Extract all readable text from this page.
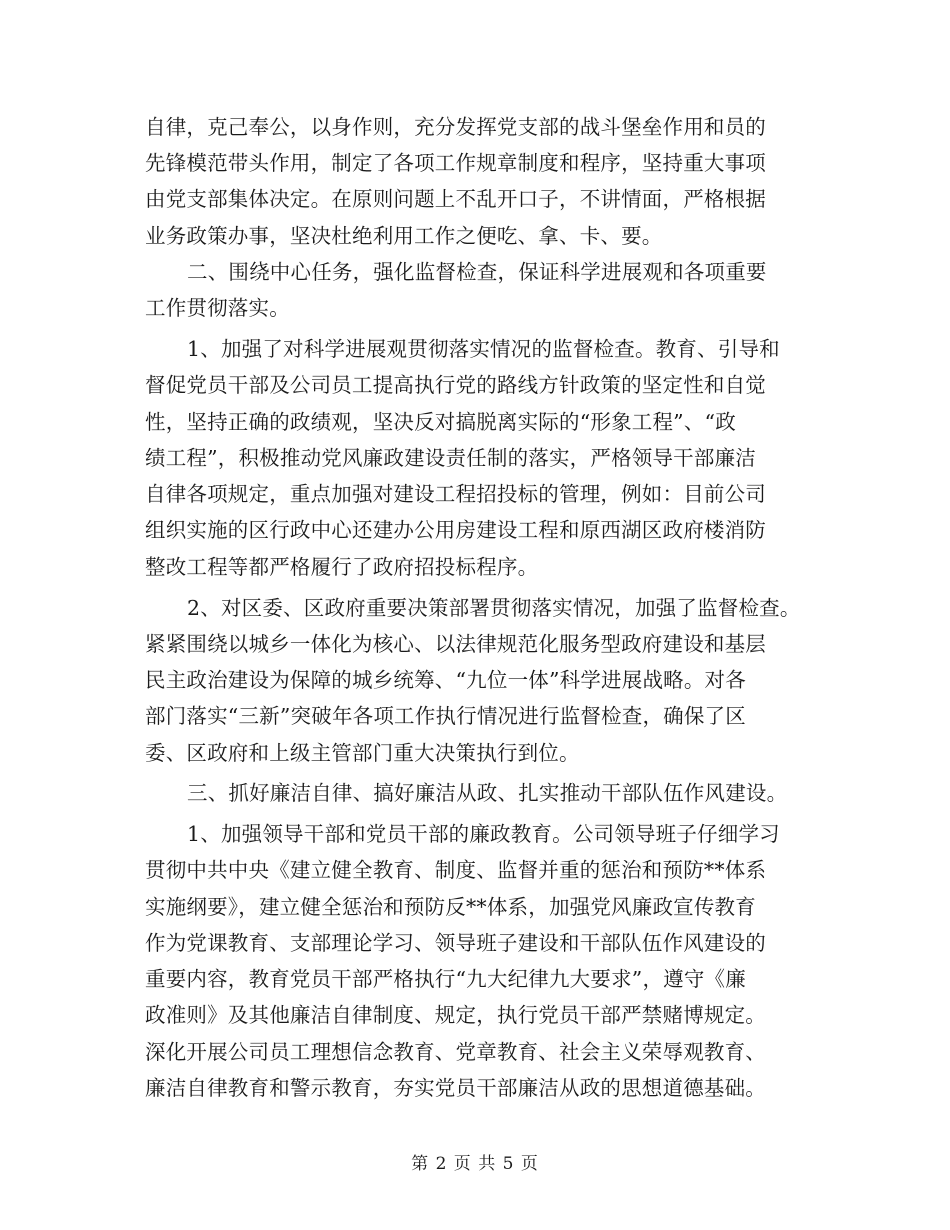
自律，克己奉公，以身作则，充分发挥党支部的战斗堡垒作用和员的
先锋模范带头作用，制定了各项工作规章制度和程序，坚持重大事项
由党支部集体决定。在原则问题上不乱开口子，不讲情面，严格根据
业务政策办事，坚决杜绝利用工作之便吃、拿、卡、要。
二、围绕中心任务，强化监督检查，保证科学进展观和各项重要
工作贯彻落实。
1、加强了对科学进展观贯彻落实情况的监督检查。教育、引导和
督促党员干部及公司员工提高执行党的路线方针政策的坚定性和自觉
性，坚持正确的政绩观，坚决反对搞脱离实际的“形象工程”、“政
绩工程”，积极推动党风廉政建设责任制的落实，严格领导干部廉洁
自律各项规定，重点加强对建设工程招投标的管理，例如：目前公司
组织实施的区行政中心还建办公用房建设工程和原西湖区政府楼消防
整改工程等都严格履行了政府招投标程序。
2、对区委、区政府重要决策部署贯彻落实情况，加强了监督检查。
紧紧围绕以城乡一体化为核心、以法律规范化服务型政府建设和基层
民主政治建设为保障的城乡统筹、“九位一体”科学进展战略。对各
部门落实“三新”突破年各项工作执行情况进行监督检查，确保了区
委、区政府和上级主管部门重大决策执行到位。
三、抓好廉洁自律、搞好廉洁从政、扎实推动干部队伍作风建设。
1、加强领导干部和党员干部的廉政教育。公司领导班子仔细学习
贯彻中共中央《建立健全教育、制度、监督并重的惩治和预防**体系
实施纲要》，建立健全惩治和预防反**体系，加强党风廉政宣传教育
作为党课教育、支部理论学习、领导班子建设和干部队伍作风建设的
重要内容，教育党员干部严格执行“九大纪律九大要求”，遵守《廉
政准则》及其他廉洁自律制度、规定，执行党员干部严禁赌博规定。
深化开展公司员工理想信念教育、党章教育、社会主义荣辱观教育、
廉洁自律教育和警示教育，夯实党员干部廉洁从政的思想道德基础。
第 2 页 共 5 页
